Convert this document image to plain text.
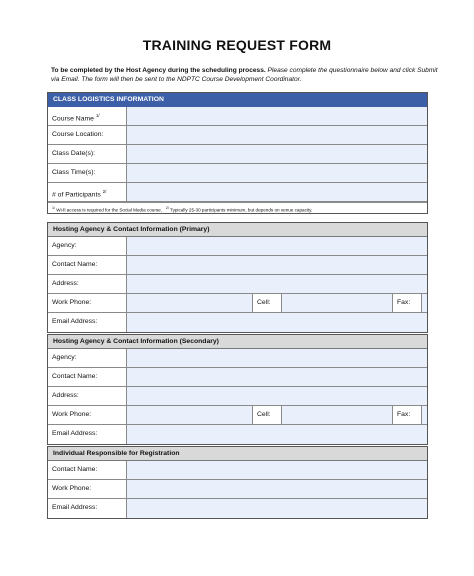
TRAINING REQUEST FORM
To be completed by the Host Agency during the scheduling process. Please complete the questionnaire below and click Submit via Email. The form will then be sent to the NDPTC Course Development Coordinator.
CLASS LOGISTICS INFORMATION
Course Name $^{1/}$
Course Location:
Class Date(s):
Class Time(s):
# of Participants $^{2/}$
$^{1/}$ Wi-fi access is required for the Social Media course. $^{2/}$ Typically 25-30 participants minimum, but depends on venue capacity.
Hosting Agency & Contact Information (Primary)
Agency:
Contact Name:
Address:
Work Phone:	Cell:	Fax:
Email Address:
Hosting Agency & Contact Information (Secondary)
Agency:
Contact Name:
Address:
Work Phone:	Cell:	Fax:
Email Address:
Individual Responsible for Registration
Contact Name:
Work Phone:
Email Address:
